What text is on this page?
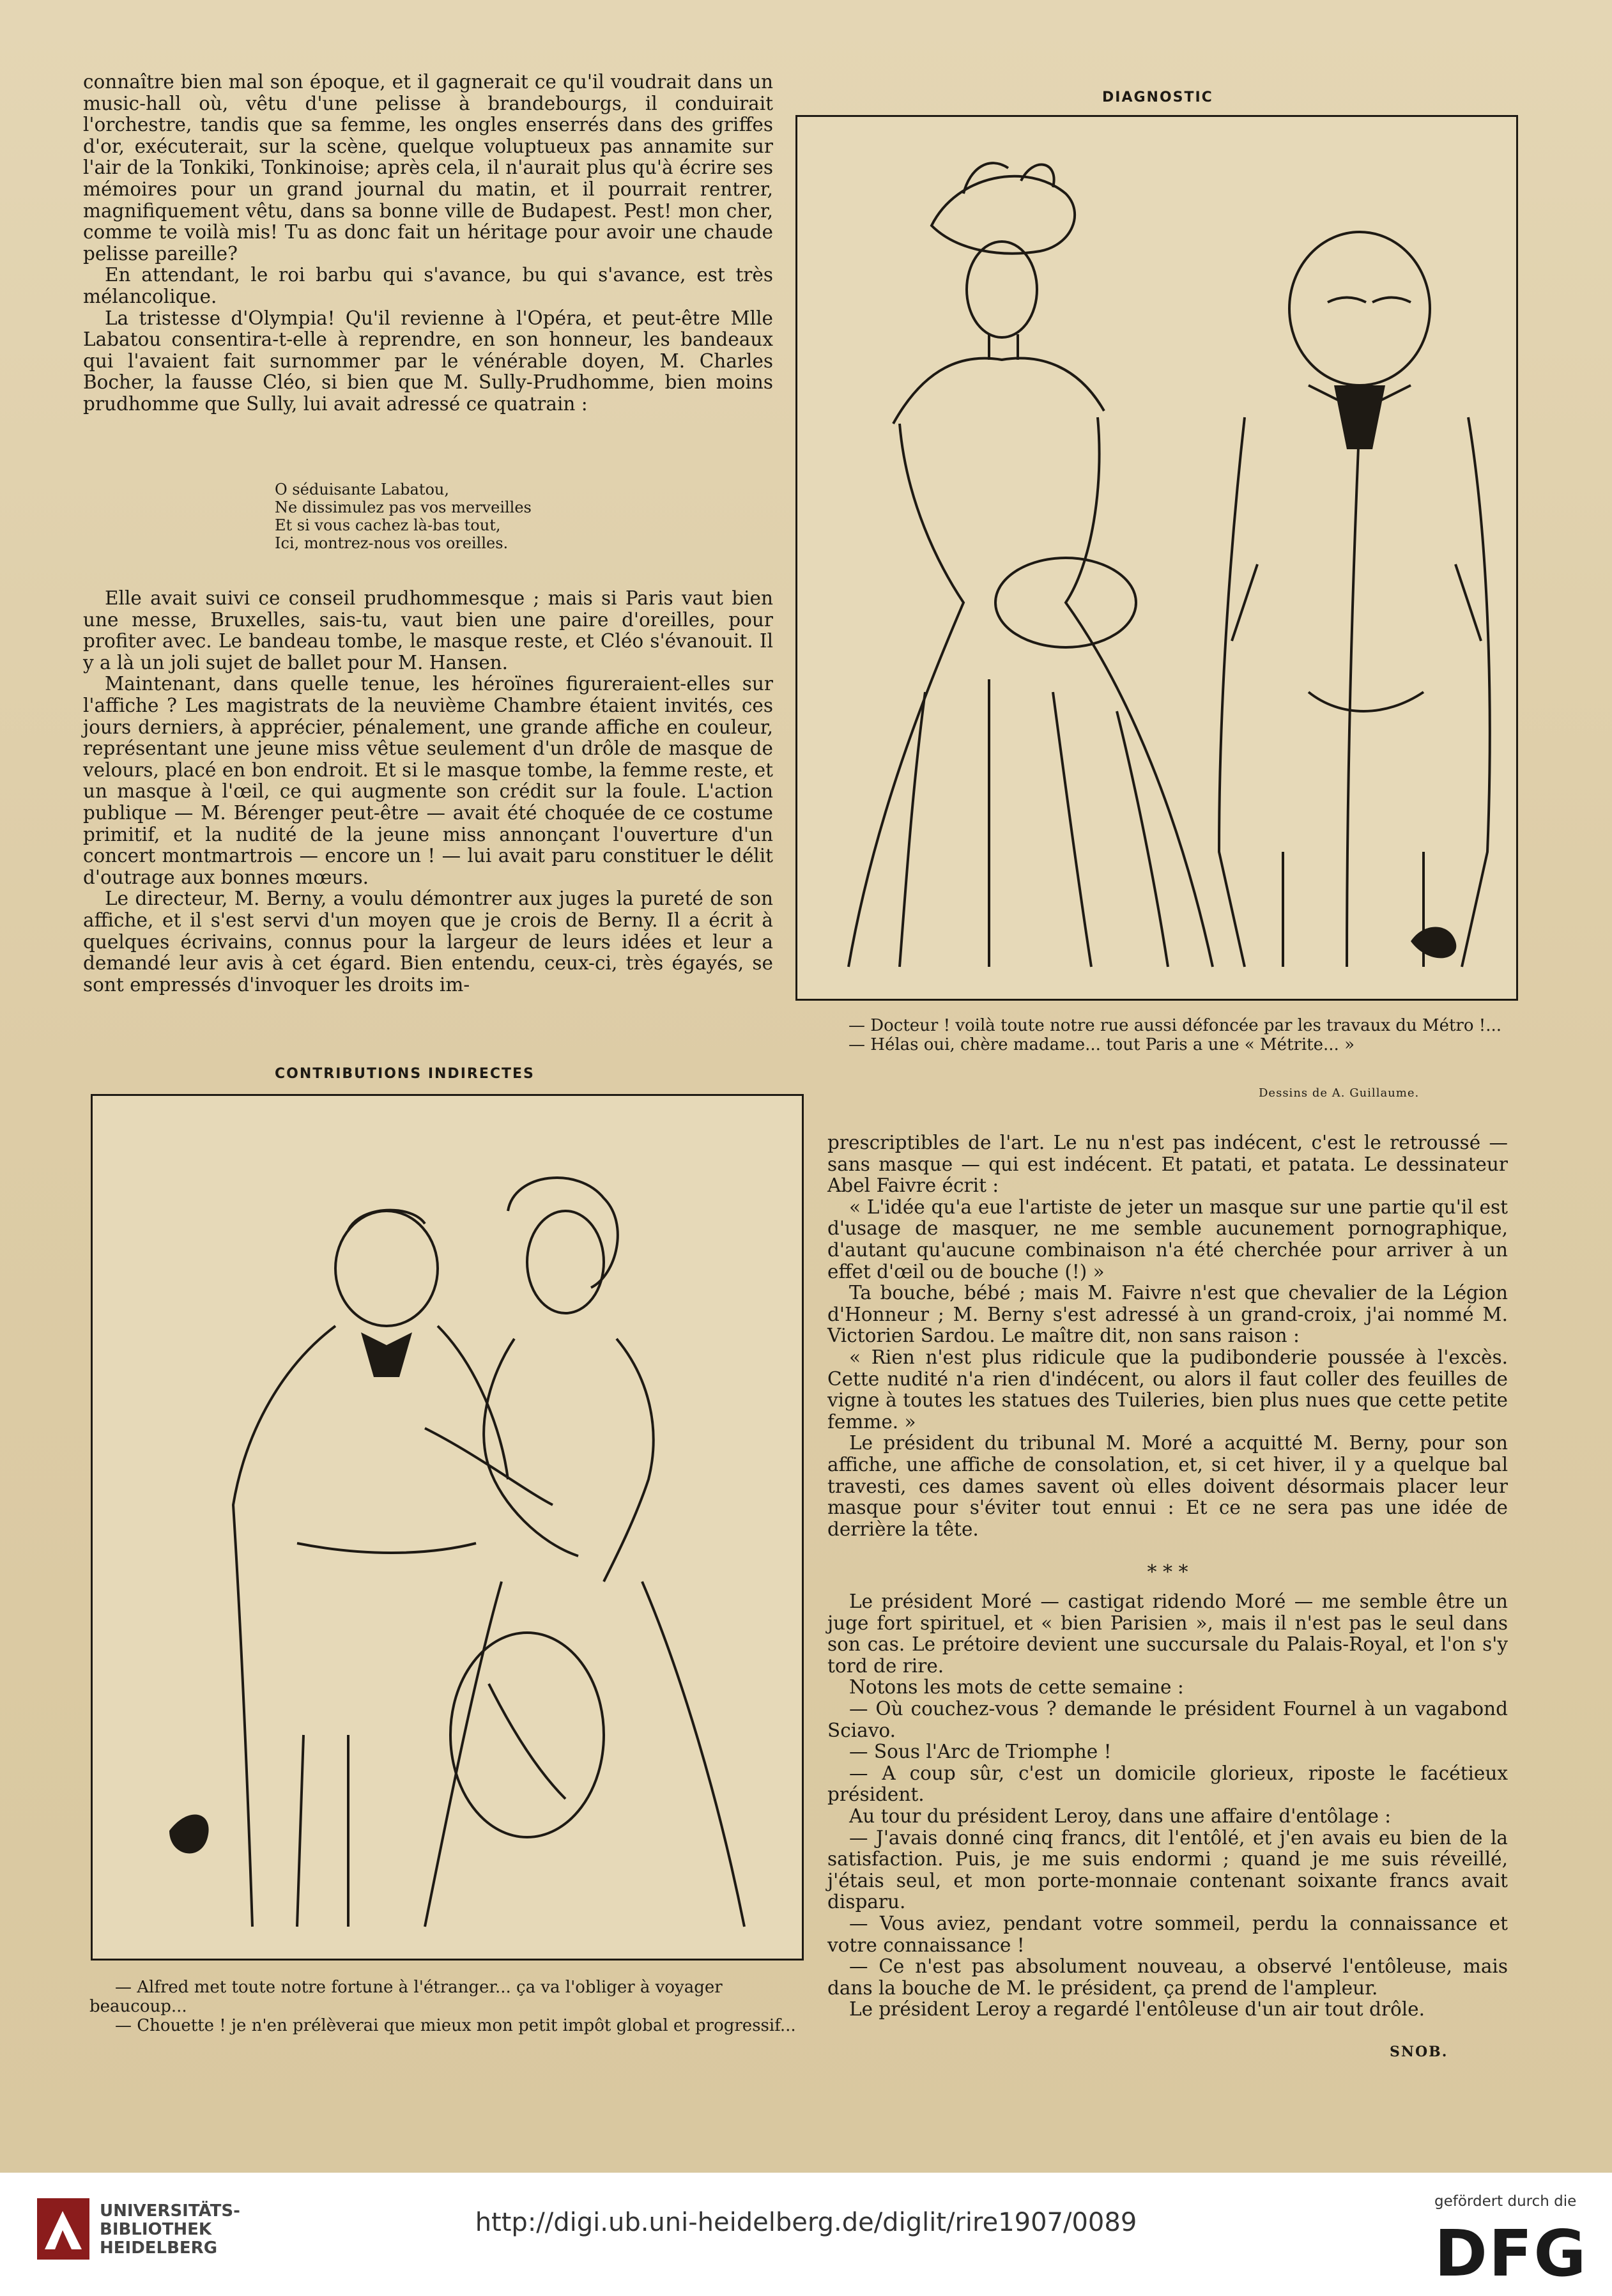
connaître bien mal son époque, et il gagnerait ce qu'il voudrait dans un music-hall où, vêtu d'une pelisse à brandebourgs, il conduirait l'orchestre, tandis que sa femme, les ongles enserrés dans des griffes d'or, exécuterait, sur la scène, quelque voluptueux pas annamite sur l'air de la Tonkiki, Tonkinoise; après cela, il n'aurait plus qu'à écrire ses mémoires pour un grand journal du matin, et il pourrait rentrer, magnifiquement vêtu, dans sa bonne ville de Budapest. Pest! mon cher, comme te voilà mis! Tu as donc fait un héritage pour avoir une chaude pelisse pareille?

En attendant, le roi barbu qui s'avance, bu qui s'avance, est très mélancolique.

La tristesse d'Olympia! Qu'il revienne à l'Opéra, et peut-être Mlle Labatou consentira-t-elle à reprendre, en son honneur, les bandeaux qui l'avaient fait surnommer par le vénérable doyen, M. Charles Bocher, la fausse Cléo, si bien que M. Sully-Prudhomme, bien moins prudhomme que Sully, lui avait adressé ce quatrain :

O séduisante Labatou,
Ne dissimulez pas vos merveilles
Et si vous cachez là-bas tout,
Ici, montrez-nous vos oreilles.

Elle avait suivi ce conseil prudhommesque ; mais si Paris vaut bien une messe, Bruxelles, sais-tu, vaut bien une paire d'oreilles, pour profiter avec. Le bandeau tombe, le masque reste, et Cléo s'évanouit. Il y a là un joli sujet de ballet pour M. Hansen.

Maintenant, dans quelle tenue, les héroïnes figureraient-elles sur l'affiche ? Les magistrats de la neuvième Chambre étaient invités, ces jours derniers, à apprécier, pénalement, une grande affiche en couleur, représentant une jeune miss vêtue seulement d'un drôle de masque de velours, placé en bon endroit. Et si le masque tombe, la femme reste, et un masque à l'œil, ce qui augmente son crédit sur la foule. L'action publique — M. Bérenger peut-être — avait été choquée de ce costume primitif, et la nudité de la jeune miss annonçant l'ouverture d'un concert montmartrois — encore un ! — lui avait paru constituer le délit d'outrage aux bonnes mœurs.

Le directeur, M. Berny, a voulu démontrer aux juges la pureté de son affiche, et il s'est servi d'un moyen que je crois de Berny. Il a écrit à quelques écrivains, connus pour la largeur de leurs idées et leur a demandé leur avis à cet égard. Bien entendu, ceux-ci, très égayés, se sont empressés d'invoquer les droits im-

DIAGNOSTIC

— Docteur ! voilà toute notre rue aussi défoncée par les travaux du Métro !...

— Hélas oui, chère madame... tout Paris a une « Métrite... »

Dessins de A. Guillaume.
CONTRIBUTIONS INDIRECTES

— Alfred met toute notre fortune à l'étranger... ça va l'obliger à voyager beaucoup...

— Chouette ! je n'en prélèverai que mieux mon petit impôt global et progressif...

prescriptibles de l'art. Le nu n'est pas indécent, c'est le retroussé — sans masque — qui est indécent. Et patati, et patata. Le dessinateur Abel Faivre écrit :

« L'idée qu'a eue l'artiste de jeter un masque sur une partie qu'il est d'usage de masquer, ne me semble aucunement pornographique, d'autant qu'aucune combinaison n'a été cherchée pour arriver à un effet d'œil ou de bouche (!) »

Ta bouche, bébé ; mais M. Faivre n'est que chevalier de la Légion d'Honneur ; M. Berny s'est adressé à un grand-croix, j'ai nommé M. Victorien Sardou. Le maître dit, non sans raison :

« Rien n'est plus ridicule que la pudibonderie poussée à l'excès. Cette nudité n'a rien d'indécent, ou alors il faut coller des feuilles de vigne à toutes les statues des Tuileries, bien plus nues que cette petite femme. »

Le président du tribunal M. Moré a acquitté M. Berny, pour son affiche, une affiche de consolation, et, si cet hiver, il y a quelque bal travesti, ces dames savent où elles doivent désormais placer leur masque pour s'éviter tout ennui : Et ce ne sera pas une idée de derrière la tête.

* * *

Le président Moré — castigat ridendo Moré — me semble être un juge fort spirituel, et « bien Parisien », mais il n'est pas le seul dans son cas. Le prétoire devient une succursale du Palais-Royal, et l'on s'y tord de rire.

Notons les mots de cette semaine :

— Où couchez-vous ? demande le président Fournel à un vagabond Sciavo.

— Sous l'Arc de Triomphe !

— A coup sûr, c'est un domicile glorieux, riposte le facétieux président.

Au tour du président Leroy, dans une affaire d'entôlage :

— J'avais donné cinq francs, dit l'entôlé, et j'en avais eu bien de la satisfaction. Puis, je me suis endormi ; quand je me suis réveillé, j'étais seul, et mon porte-monnaie contenant soixante francs avait disparu.

— Vous aviez, pendant votre sommeil, perdu la connaissance et votre connaissance !

— Ce n'est pas absolument nouveau, a observé l'entôleuse, mais dans la bouche de M. le président, ça prend de l'ampleur.

Le président Leroy a regardé l'entôleuse d'un air tout drôle.

SNOB.
UNIVERSITÄTS-
BIBLIOTHEK
HEIDELBERG
http://digi.ub.uni-heidelberg.de/diglit/rire1907/0089
gefördert durch die
DFG
